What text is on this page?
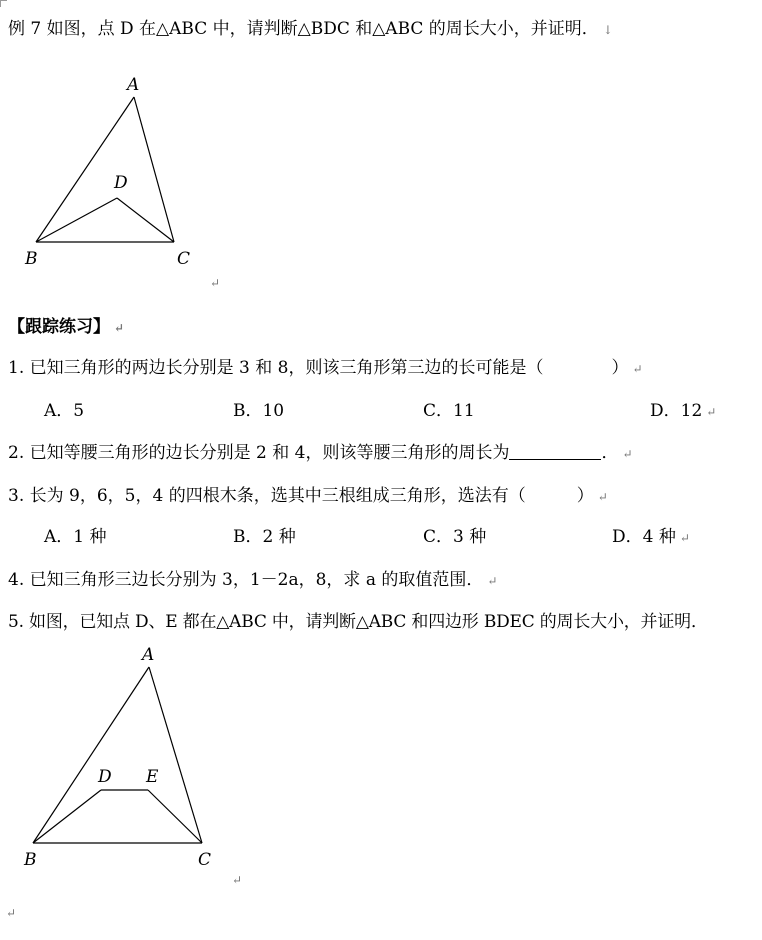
例 7 如图，点 D 在△ABC 中，请判断△BDC 和△ABC 的周长大小，并证明． ↓
A
D
B	C
A
D E
B	C
↵
【跟踪练习】 ↵
1. 已知三角形的两边长分别是 3 和 8，则该三角形第三边的长可能是（　　　　） ↵
A．5	B．10	C．11	D．12 ↵
2. 已知等腰三角形的边长分别是 2 和 4，则该等腰三角形的周长为	． ↵
3. 长为 9，6，5，4 的四根木条，选其中三根组成三角形，选法有（　　　） ↵
A．1 种	B．2 种	C．3 种	D．4 种 ↵
4. 已知三角形三边长分别为 3，1－2a，8，求 a 的取值范围． ↵
5. 如图，已知点 D、E 都在△ABC 中，请判断△ABC 和四边形 BDEC 的周长大小，并证明．
↵
↵
